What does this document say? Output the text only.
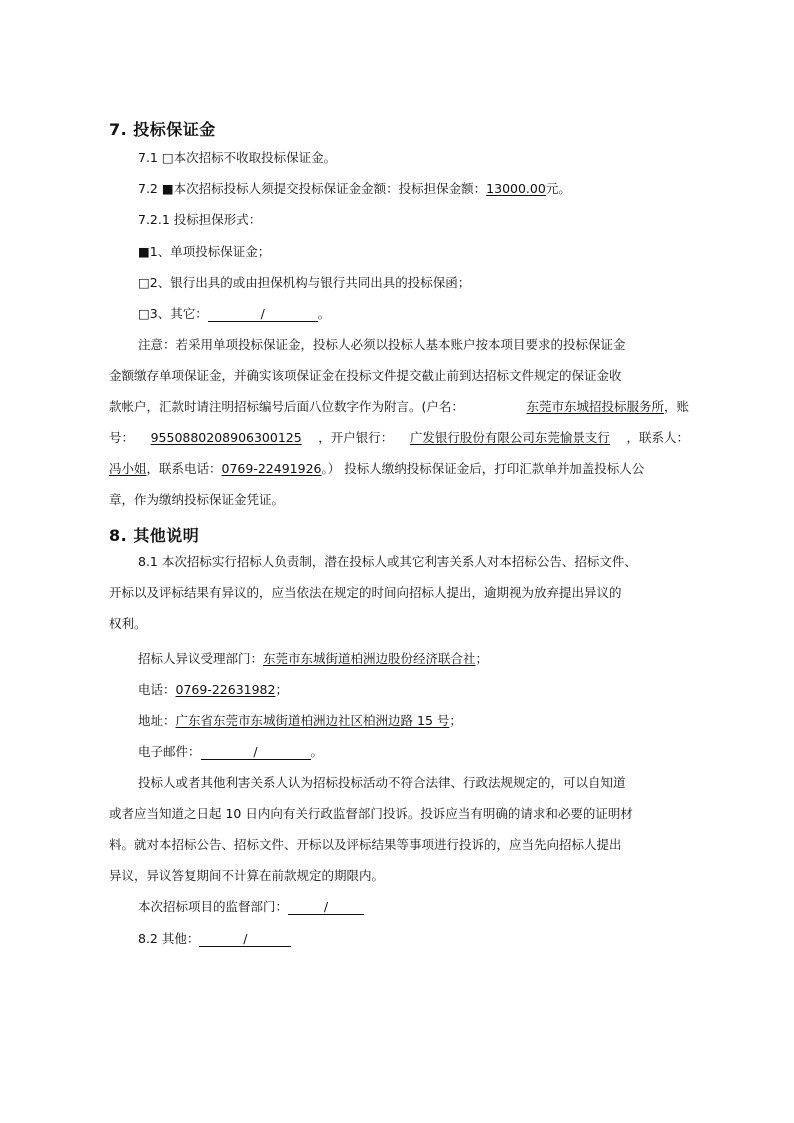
7. 投标保证金
7.1 □本次招标不收取投标保证金。
7.2 ■本次招标投标人须提交投标保证金金额：投标担保金额：13000.00元。
7.2.1 投标担保形式：
■1、单项投标保证金；
□2、银行出具的或由担保机构与银行共同出具的投标保函；
□3、其它：	/	。
注意：若采用单项投标保证金，投标人必须以投标人基本账户按本项目要求的投标保证金
金额缴存单项保证金，并确实该项保证金在投标文件提交截止前到达招标文件规定的保证金收
款帐户，汇款时请注明招标编号后面八位数字作为附言。(户名：	东莞市东城招投标服务所，账
号： 9550880208906300125 ，开户银行： 广发银行股份有限公司东莞愉景支行 ，联系人：
冯小姐，联系电话：0769-22491926。） 投标人缴纳投标保证金后，打印汇款单并加盖投标人公
章，作为缴纳投标保证金凭证。
8. 其他说明
8.1 本次招标实行招标人负责制，潜在投标人或其它利害关系人对本招标公告、招标文件、
开标以及评标结果有异议的，应当依法在规定的时间向招标人提出，逾期视为放弃提出异议的
权利。
招标人异议受理部门：东莞市东城街道柏洲边股份经济联合社；
电话：0769-22631982；
地址：广东省东莞市东城街道柏洲边社区柏洲边路 15 号；
电子邮件：	/	。
投标人或者其他利害关系人认为招标投标活动不符合法律、行政法规规定的，可以自知道
或者应当知道之日起 10 日内向有关行政监督部门投诉。投诉应当有明确的请求和必要的证明材
料。就对本招标公告、招标文件、开标以及评标结果等事项进行投诉的，应当先向招标人提出
异议，异议答复期间不计算在前款规定的期限内。
本次招标项目的监督部门：	/
8.2 其他：	/
